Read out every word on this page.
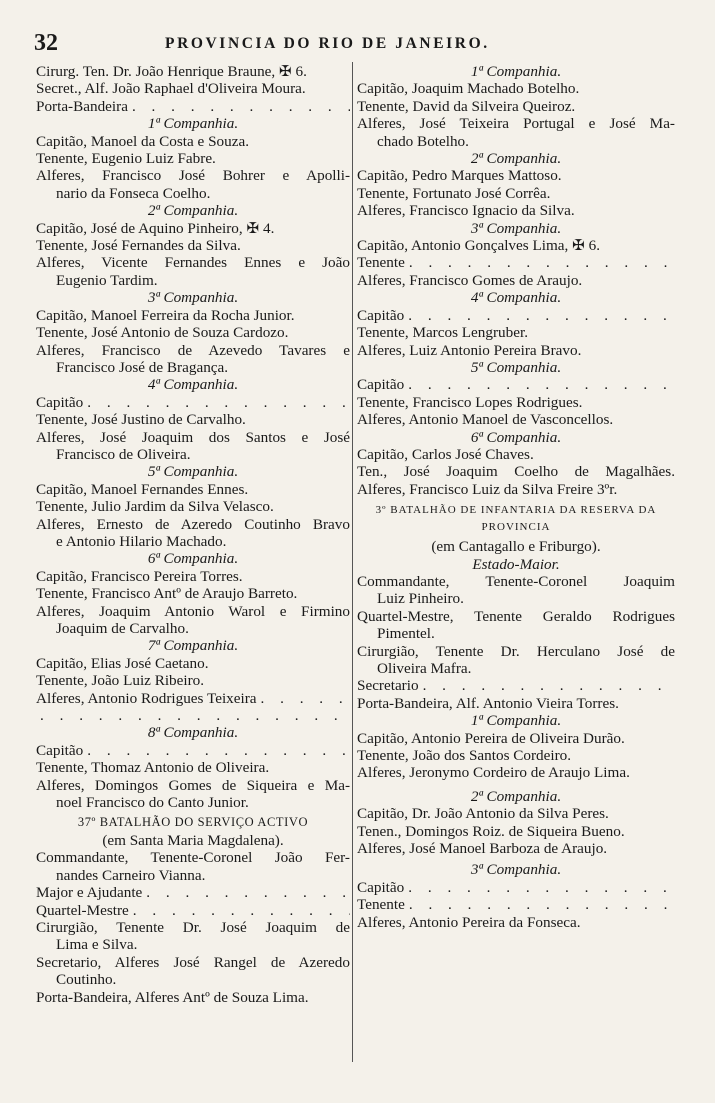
32	PROVINCIA DO RIO DE JANEIRO.
Cirurg. Ten. Dr. João Henrique Braune, ✠ 6.
Secret., Alf. João Raphael d'Oliveira Moura.
Porta-Bandeira
. . .
1ª Companhia.
Capitão, Manoel da Costa e Souza.
Tenente, Eugenio Luiz Fabre.
Alferes, Francisco José Bohrer e Apolli-
nario da Fonseca Coelho.
2ª Companhia.
Capitão, José de Aquino Pinheiro, ✠ 4.
Tenente, José Fernandes da Silva.
Alferes, Vicente Fernandes Ennes e João
Eugenio Tardim.
3ª Companhia.
Capitão, Manoel Ferreira da Rocha Junior.
Tenente, José Antonio de Souza Cardozo.
Alferes, Francisco de Azevedo Tavares e
Francisco José de Bragança.
4ª Companhia.
Capitão
. . .
Tenente, José Justino de Carvalho.
Alferes, José Joaquim dos Santos e José
Francisco de Oliveira.
5ª Companhia.
Capitão, Manoel Fernandes Ennes.
Tenente, Julio Jardim da Silva Velasco.
Alferes, Ernesto de Azeredo Coutinho Bravo
e Antonio Hilario Machado.
6ª Companhia.
Capitão, Francisco Pereira Torres.
Tenente, Francisco Antº de Araujo Barreto.
Alferes, Joaquim Antonio Warol e Firmino
Joaquim de Carvalho.
7ª Companhia.
Capitão, Elias José Caetano.
Tenente, João Luiz Ribeiro.
Alferes, Antonio Rodrigues Teixeira
. . .
. . .
8ª Companhia.
Capitão
. . .
Tenente, Thomaz Antonio de Oliveira.
Alferes, Domingos Gomes de Siqueira e Ma-
noel Francisco do Canto Junior.
37º BATALHÃO DO SERVIÇO ACTIVO
(em Santa Maria Magdalena).
Commandante, Tenente-Coronel João Fer-
nandes Carneiro Vianna.
Major e Ajudante
. . .
Quartel-Mestre
. . .
Cirurgião, Tenente Dr. José Joaquim de
Lima e Silva.
Secretario, Alferes José Rangel de Azeredo
Coutinho.
Porta-Bandeira, Alferes Antº de Souza Lima.
1ª Companhia.
Capitão, Joaquim Machado Botelho.
Tenente, David da Silveira Queiroz.
Alferes, José Teixeira Portugal e José Ma-
chado Botelho.
2ª Companhia.
Capitão, Pedro Marques Mattoso.
Tenente, Fortunato José Corrêa.
Alferes, Francisco Ignacio da Silva.
3ª Companhia.
Capitão, Antonio Gonçalves Lima, ✠ 6.
Tenente
. . .
Alferes, Francisco Gomes de Araujo.
4ª Companhia.
Capitão
. . .
Tenente, Marcos Lengruber.
Alferes, Luiz Antonio Pereira Bravo.
5ª Companhia.
Capitão
. . .
Tenente, Francisco Lopes Rodrigues.
Alferes, Antonio Manoel de Vasconcellos.
6ª Companhia.
Capitão, Carlos José Chaves.
Ten., José Joaquim Coelho de Magalhães.
Alferes, Francisco Luiz da Silva Freire 3ºr.
3º BATALHÃO DE INFANTARIA DA RESERVA DA
PROVINCIA
(em Cantagallo e Friburgo).
Estado-Maior.
Commandante, Tenente-Coronel Joaquim
Luiz Pinheiro.
Quartel-Mestre, Tenente Geraldo Rodrigues
Pimentel.
Cirurgião, Tenente Dr. Herculano José de
Oliveira Mafra.
Secretario
. . .
Porta-Bandeira, Alf. Antonio Vieira Torres.
1ª Companhia.
Capitão, Antonio Pereira de Oliveira Durão.
Tenente, João dos Santos Cordeiro.
Alferes, Jeronymo Cordeiro de Araujo Lima.
2ª Companhia.
Capitão, Dr. João Antonio da Silva Peres.
Tenen., Domingos Roiz. de Siqueira Bueno.
Alferes, José Manoel Barboza de Araujo.
3ª Companhia.
Capitão
. . .
Tenente
. . .
Alferes, Antonio Pereira da Fonseca.
